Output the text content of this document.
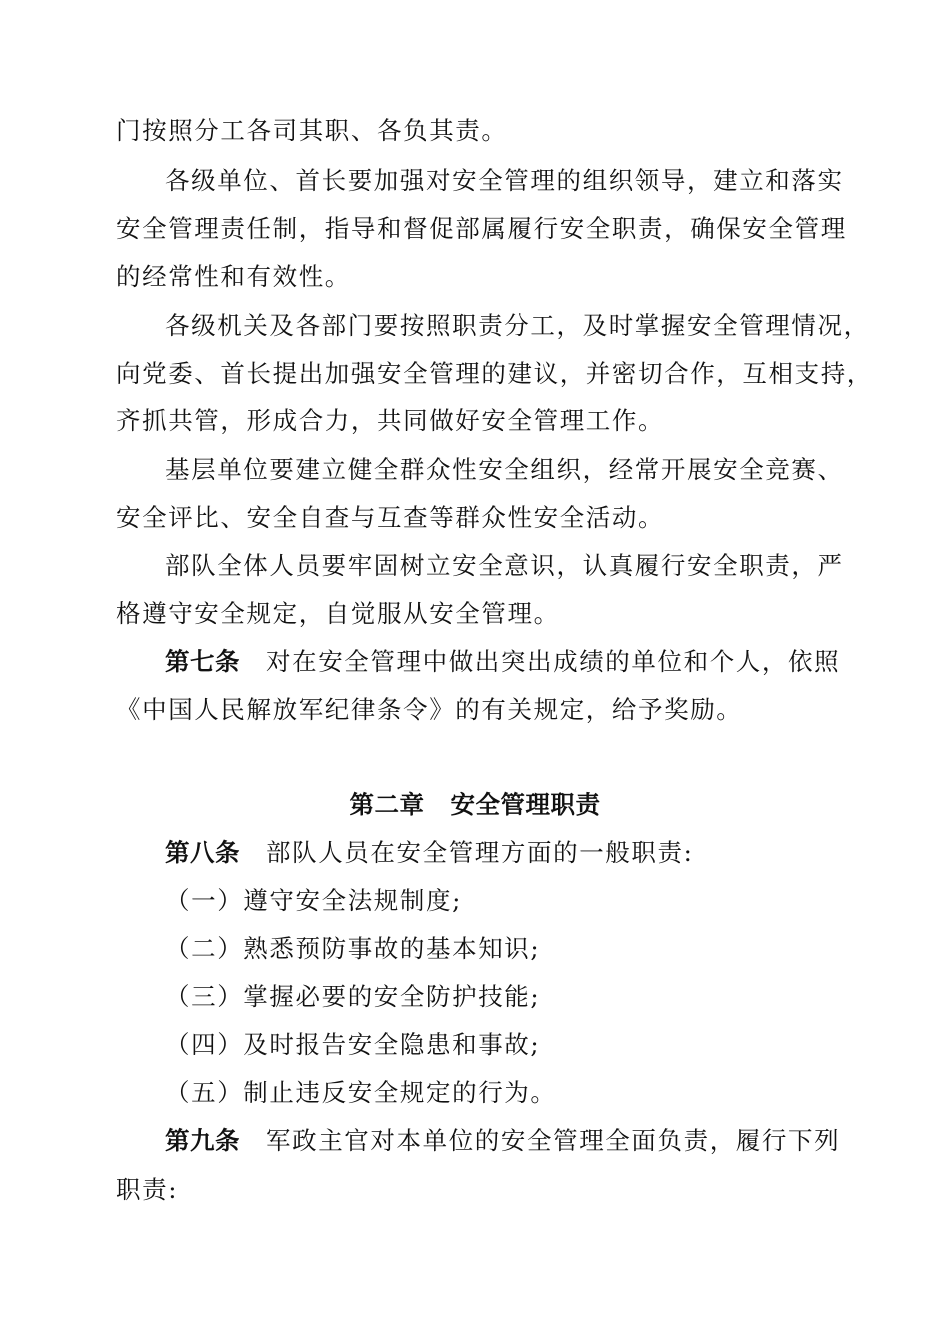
门按照分工各司其职、各负其责。
各级单位、首长要加强对安全管理的组织领导，建立和落实
安全管理责任制，指导和督促部属履行安全职责，确保安全管理
的经常性和有效性。
各级机关及各部门要按照职责分工，及时掌握安全管理情况，
向党委、首长提出加强安全管理的建议，并密切合作，互相支持，
齐抓共管，形成合力，共同做好安全管理工作。
基层单位要建立健全群众性安全组织，经常开展安全竞赛、
安全评比、安全自查与互查等群众性安全活动。
部队全体人员要牢固树立安全意识，认真履行安全职责，严
格遵守安全规定，自觉服从安全管理。
第七条 对在安全管理中做出突出成绩的单位和个人，依照
《中国人民解放军纪律条令》的有关规定，给予奖励。
第二章 安全管理职责
第八条 部队人员在安全管理方面的一般职责:
（一）遵守安全法规制度;
（二）熟悉预防事故的基本知识;
（三）掌握必要的安全防护技能;
（四）及时报告安全隐患和事故;
（五）制止违反安全规定的行为。
第九条 军政主官对本单位的安全管理全面负责，履行下列
职责:
